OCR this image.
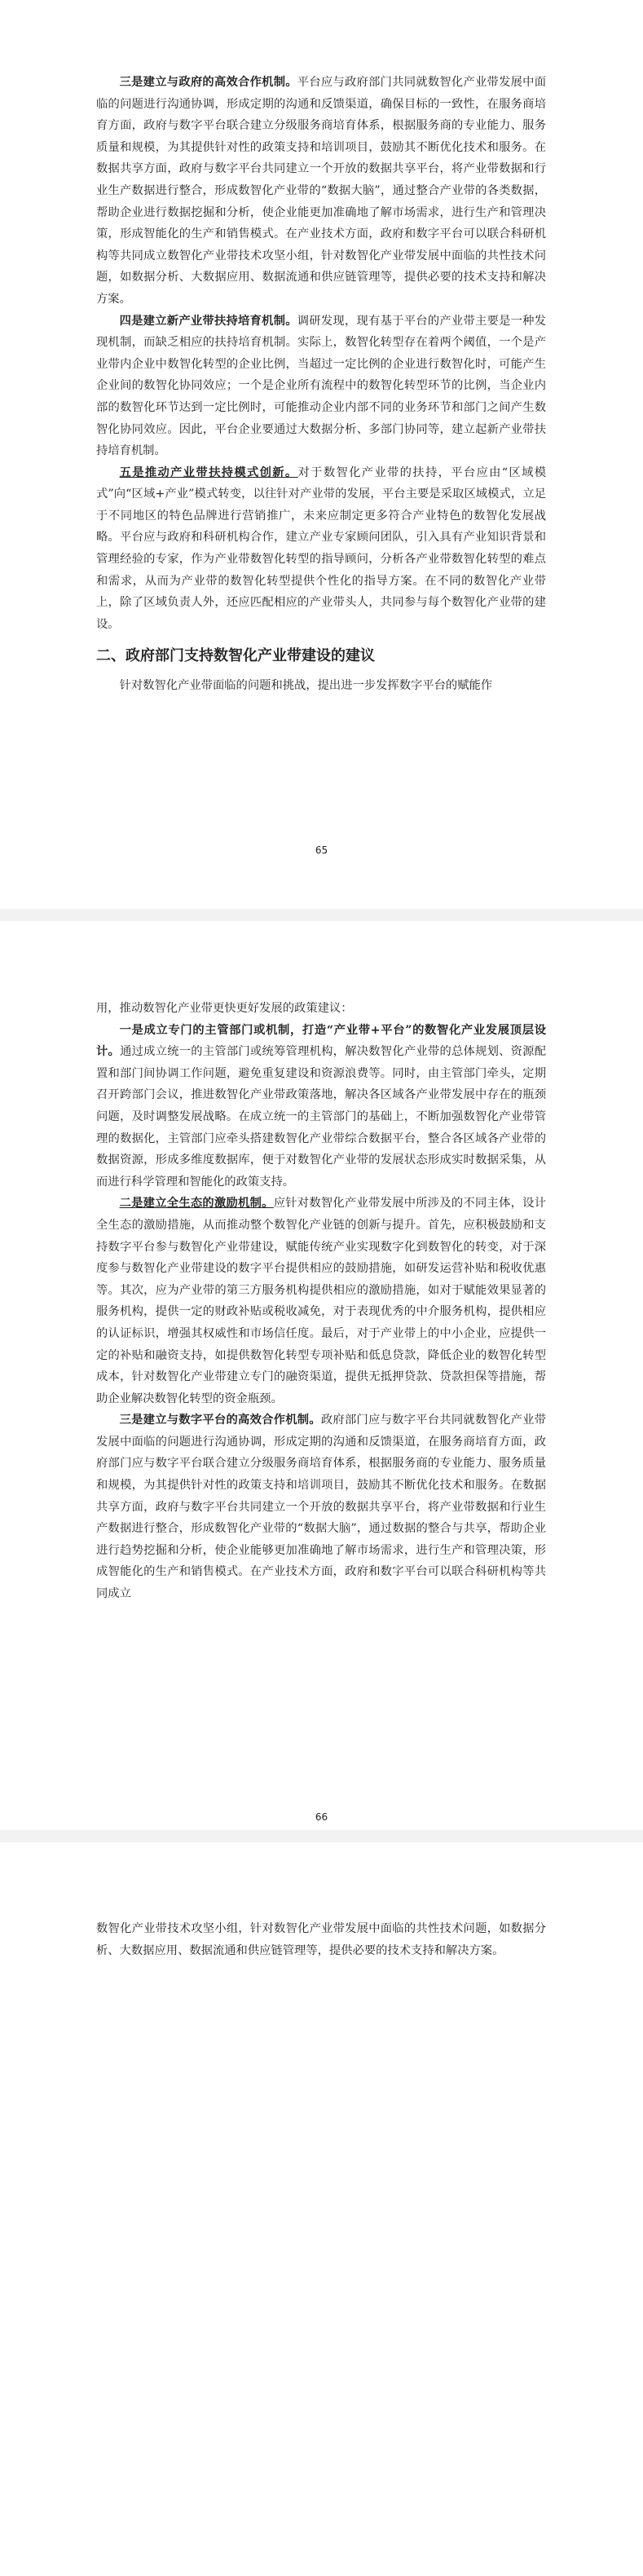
三是建立与政府的高效合作机制。平台应与政府部门共同就数智化产业带发展中面临的问题进行沟通协调，形成定期的沟通和反馈渠道，确保目标的一致性，在服务商培育方面，政府与数字平台联合建立分级服务商培育体系，根据服务商的专业能力、服务质量和规模，为其提供针对性的政策支持和培训项目，鼓励其不断优化技术和服务。在数据共享方面，政府与数字平台共同建立一个开放的数据共享平台，将产业带数据和行业生产数据进行整合，形成数智化产业带的“数据大脑”，通过整合产业带的各类数据，帮助企业进行数据挖掘和分析，使企业能更加准确地了解市场需求，进行生产和管理决策，形成智能化的生产和销售模式。在产业技术方面，政府和数字平台可以联合科研机构等共同成立数智化产业带技术攻坚小组，针对数智化产业带发展中面临的共性技术问题，如数据分析、大数据应用、数据流通和供应链管理等，提供必要的技术支持和解决方案。

四是建立新产业带扶持培育机制。调研发现，现有基于平台的产业带主要是一种发现机制，而缺乏相应的扶持培育机制。实际上，数智化转型存在着两个阈值，一个是产业带内企业中数智化转型的企业比例，当超过一定比例的企业进行数智化时，可能产生企业间的数智化协同效应；一个是企业所有流程中的数智化转型环节的比例，当企业内部的数智化环节达到一定比例时，可能推动企业内部不同的业务环节和部门之间产生数智化协同效应。因此，平台企业要通过大数据分析、多部门协同等，建立起新产业带扶持培育机制。

五是推动产业带扶持模式创新。对于数智化产业带的扶持，平台应由“区域模式”向“区域+产业”模式转变，以往针对产业带的发展，平台主要是采取区域模式，立足于不同地区的特色品牌进行营销推广，未来应制定更多符合产业特色的数智化发展战略。平台应与政府和科研机构合作，建立产业专家顾问团队，引入具有产业知识背景和管理经验的专家，作为产业带数智化转型的指导顾问，分析各产业带数智化转型的难点和需求，从而为产业带的数智化转型提供个性化的指导方案。在不同的数智化产业带上，除了区域负责人外，还应匹配相应的产业带头人，共同参与每个数智化产业带的建设。

二、政府部门支持数智化产业带建设的建议

针对数智化产业带面临的问题和挑战，提出进一步发挥数字平台的赋能作

65

用，推动数智化产业带更快更好发展的政策建议：

一是成立专门的主管部门或机制，打造“产业带+平台”的数智化产业发展顶层设计。通过成立统一的主管部门或统筹管理机构，解决数智化产业带的总体规划、资源配置和部门间协调工作问题，避免重复建设和资源浪费等。同时，由主管部门牵头，定期召开跨部门会议，推进数智化产业带政策落地，解决各区域各产业带发展中存在的瓶颈问题，及时调整发展战略。在成立统一的主管部门的基础上，不断加强数智化产业带管理的数据化，主管部门应牵头搭建数智化产业带综合数据平台，整合各区域各产业带的数据资源，形成多维度数据库，便于对数智化产业带的发展状态形成实时数据采集，从而进行科学管理和智能化的政策支持。

二是建立全生态的激励机制。应针对数智化产业带发展中所涉及的不同主体，设计全生态的激励措施，从而推动整个数智化产业链的创新与提升。首先，应积极鼓励和支持数字平台参与数智化产业带建设，赋能传统产业实现数字化到数智化的转变，对于深度参与数智化产业带建设的数字平台提供相应的鼓励措施，如研发运营补贴和税收优惠等。其次，应为产业带的第三方服务机构提供相应的激励措施，如对于赋能效果显著的服务机构，提供一定的财政补贴或税收减免，对于表现优秀的中介服务机构，提供相应的认证标识，增强其权威性和市场信任度。最后，对于产业带上的中小企业，应提供一定的补贴和融资支持，如提供数智化转型专项补贴和低息贷款，降低企业的数智化转型成本，针对数智化产业带建立专门的融资渠道，提供无抵押贷款、贷款担保等措施，帮助企业解决数智化转型的资金瓶颈。

三是建立与数字平台的高效合作机制。政府部门应与数字平台共同就数智化产业带发展中面临的问题进行沟通协调，形成定期的沟通和反馈渠道，在服务商培育方面，政府部门应与数字平台联合建立分级服务商培育体系，根据服务商的专业能力、服务质量和规模，为其提供针对性的政策支持和培训项目，鼓励其不断优化技术和服务。在数据共享方面，政府与数字平台共同建立一个开放的数据共享平台，将产业带数据和行业生产数据进行整合，形成数智化产业带的“数据大脑”，通过数据的整合与共享，帮助企业进行趋势挖掘和分析，使企业能够更加准确地了解市场需求，进行生产和管理决策，形成智能化的生产和销售模式。在产业技术方面，政府和数字平台可以联合科研机构等共同成立

66

数智化产业带技术攻坚小组，针对数智化产业带发展中面临的共性技术问题，如数据分析、大数据应用、数据流通和供应链管理等，提供必要的技术支持和解决方案。
